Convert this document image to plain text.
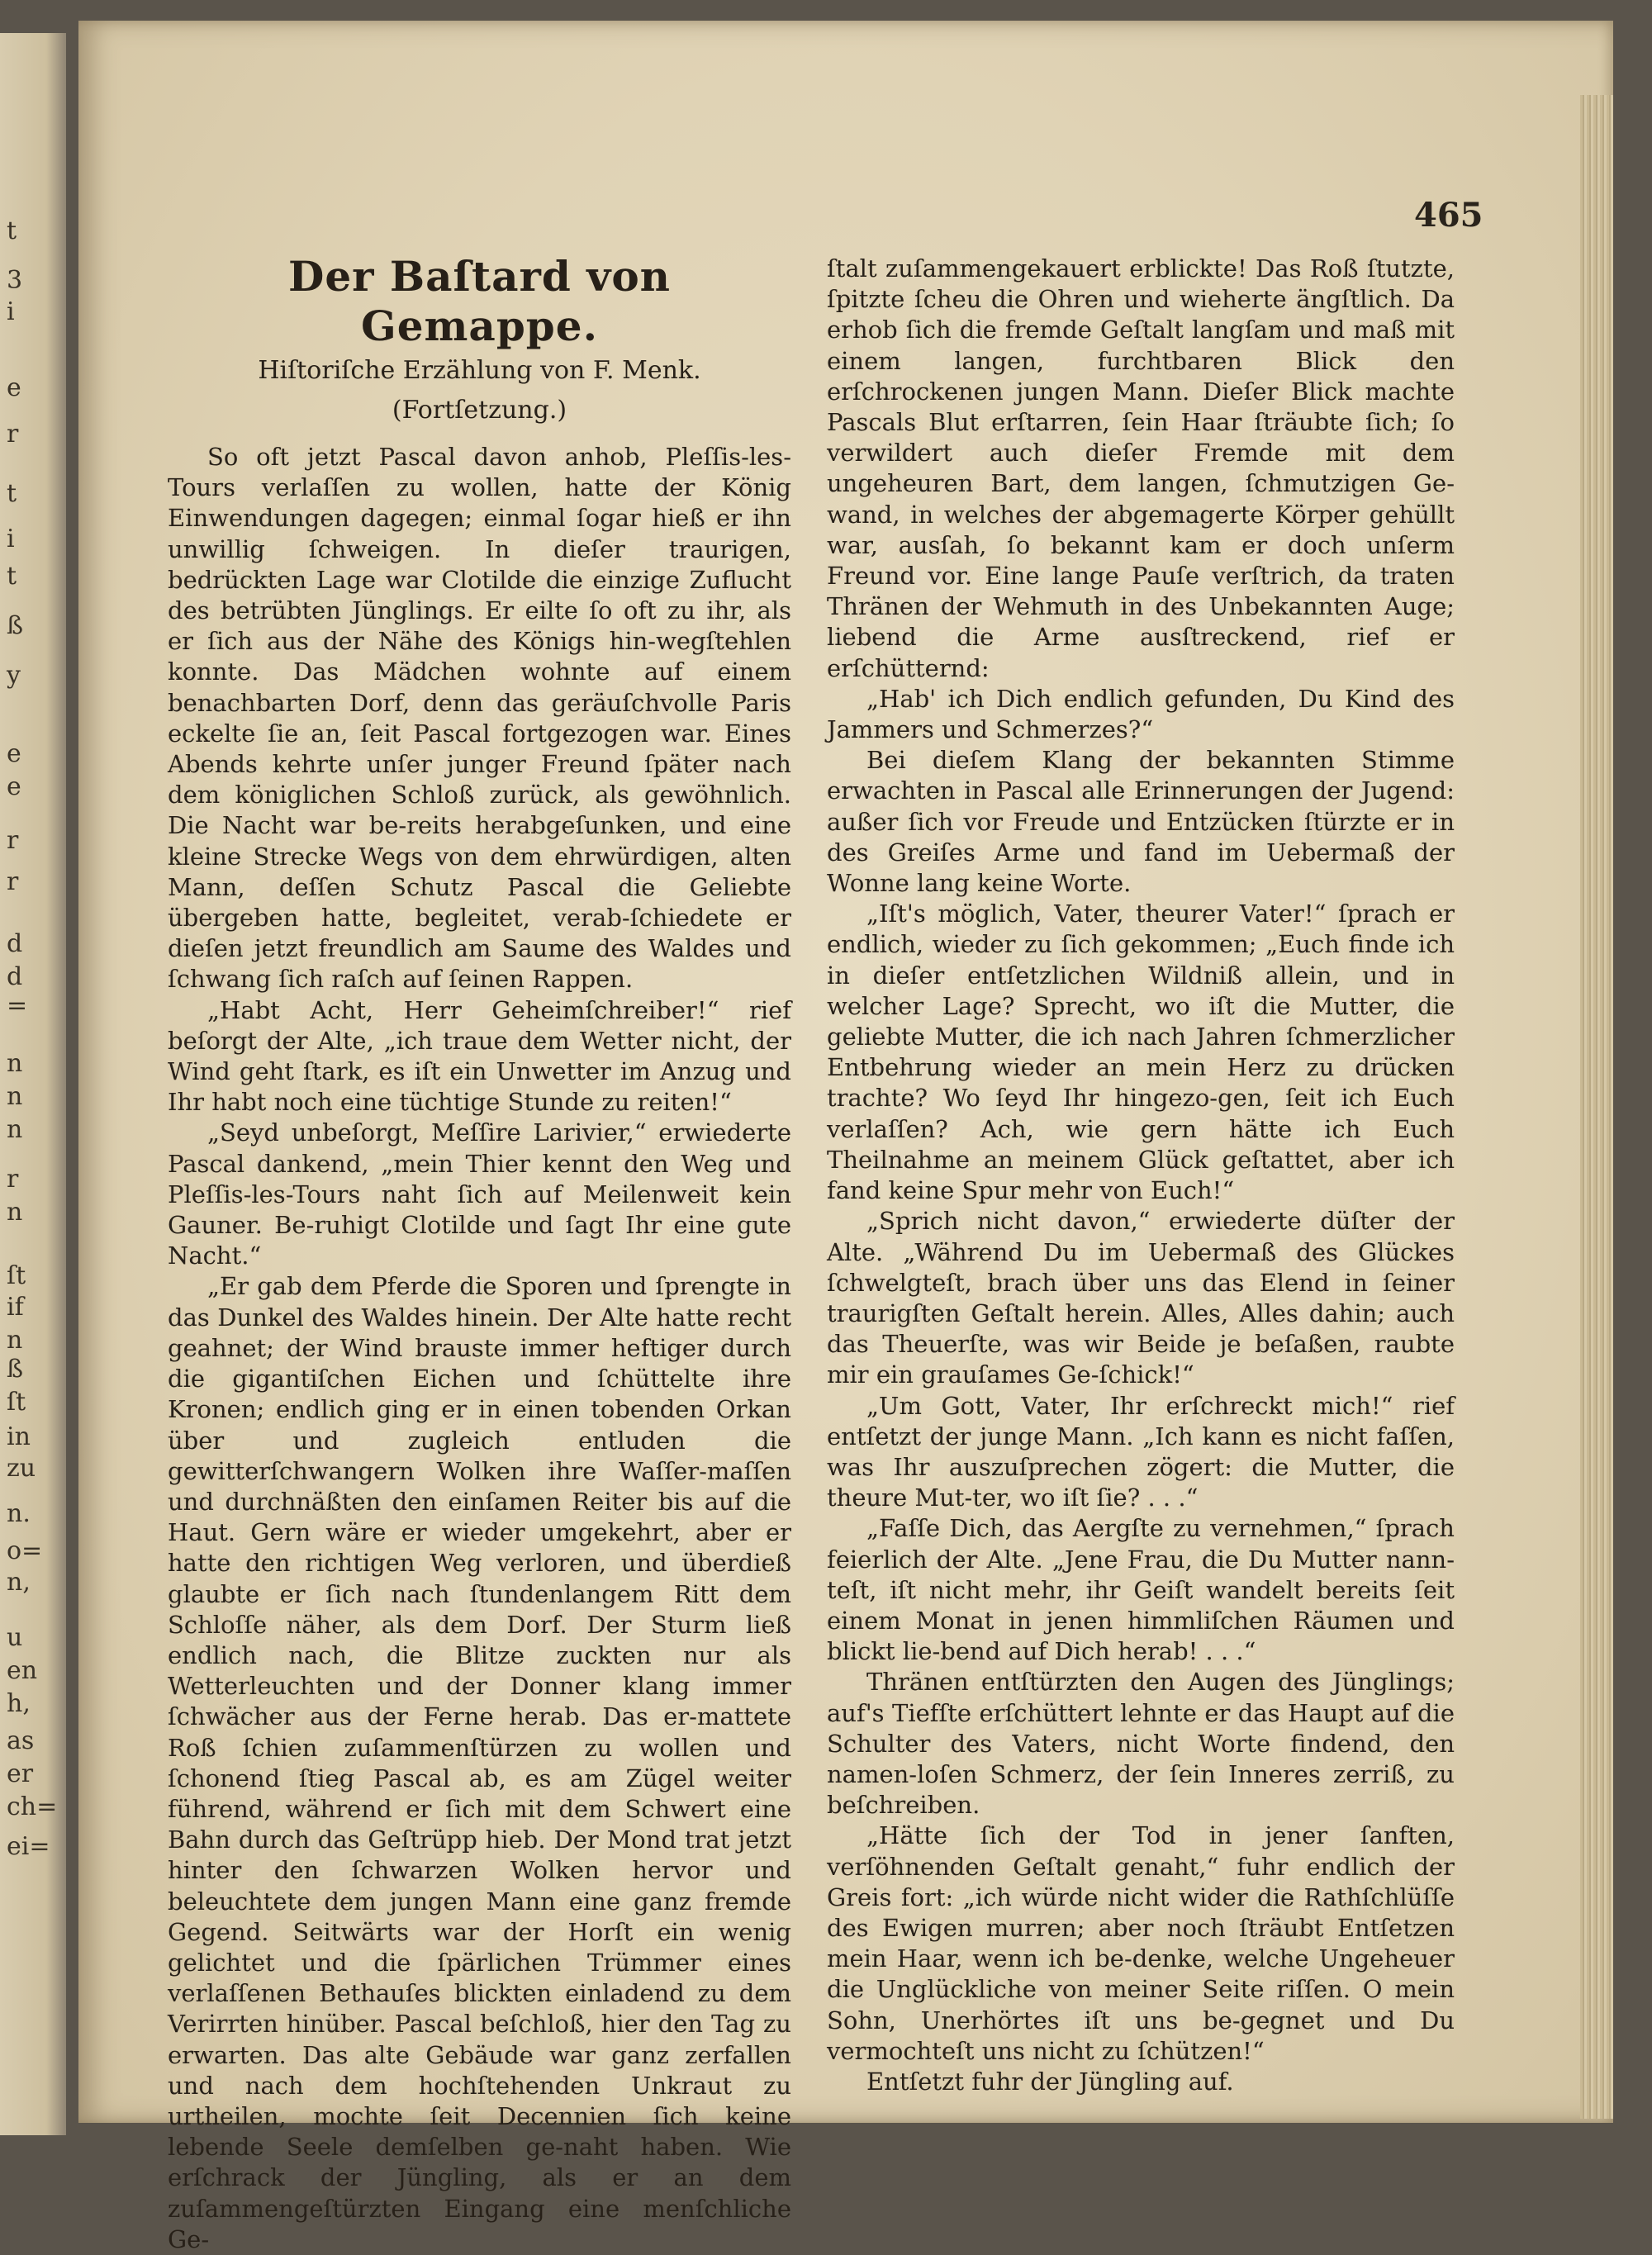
t
3
i
e
r
t
i
t
ß
y
e
e
r
r
d
d
=
n
n
n
r
n
ſt
if
n
ß
ſt
in
zu
n.
o=
n,
u
en
h,
as
er
ch=
ei=

465

Der Baſtard von Gemappe.

Hiſtoriſche Erzählung von F. Menk.

(Fortſetzung.)

So oft jetzt Pascal davon anhob, Pleſſis-les-Tours verlaſſen zu wollen, hatte der König Einwendungen dagegen; einmal ſogar hieß er ihn unwillig ſchweigen. In dieſer traurigen, bedrückten Lage war Clotilde die einzige Zuflucht des betrübten Jünglings. Er eilte ſo oft zu ihr, als er ſich aus der Nähe des Königs hin-wegſtehlen konnte. Das Mädchen wohnte auf einem benachbarten Dorf, denn das geräuſchvolle Paris eckelte ſie an, ſeit Pascal fortgezogen war. Eines Abends kehrte unſer junger Freund ſpäter nach dem königlichen Schloß zurück, als gewöhnlich. Die Nacht war be-reits herabgeſunken, und eine kleine Strecke Wegs von dem ehrwürdigen, alten Mann, deſſen Schutz Pascal die Geliebte übergeben hatte, begleitet, verab-ſchiedete er dieſen jetzt freundlich am Saume des Waldes und ſchwang ſich raſch auf ſeinen Rappen.

„Habt Acht, Herr Geheimſchreiber!“ rief beſorgt der Alte, „ich traue dem Wetter nicht, der Wind geht ſtark, es iſt ein Unwetter im Anzug und Ihr habt noch eine tüchtige Stunde zu reiten!“

„Seyd unbeſorgt, Meſſire Larivier,“ erwiederte Pascal dankend, „mein Thier kennt den Weg und Pleſſis-les-Tours naht ſich auf Meilenweit kein Gauner. Be-ruhigt Clotilde und ſagt Ihr eine gute Nacht.“

„Er gab dem Pferde die Sporen und ſprengte in das Dunkel des Waldes hinein. Der Alte hatte recht geahnet; der Wind brauste immer heftiger durch die gigantiſchen Eichen und ſchüttelte ihre Kronen; endlich ging er in einen tobenden Orkan über und zugleich entluden die gewitterſchwangern Wolken ihre Waſſer-maſſen und durchnäßten den einſamen Reiter bis auf die Haut. Gern wäre er wieder umgekehrt, aber er hatte den richtigen Weg verloren, und überdieß glaubte er ſich nach ſtundenlangem Ritt dem Schloſſe näher, als dem Dorf. Der Sturm ließ endlich nach, die Blitze zuckten nur als Wetterleuchten und der Donner klang immer ſchwächer aus der Ferne herab. Das er-mattete Roß ſchien zuſammenſtürzen zu wollen und ſchonend ſtieg Pascal ab, es am Zügel weiter führend, während er ſich mit dem Schwert eine Bahn durch das Geſtrüpp hieb. Der Mond trat jetzt hinter den ſchwarzen Wolken hervor und beleuchtete dem jungen Mann eine ganz fremde Gegend. Seitwärts war der Horſt ein wenig gelichtet und die ſpärlichen Trümmer eines verlaſſenen Bethauſes blickten einladend zu dem Verirrten hinüber. Pascal beſchloß, hier den Tag zu erwarten. Das alte Gebäude war ganz zerfallen und nach dem hochſtehenden Unkraut zu urtheilen, mochte ſeit Decennien ſich keine lebende Seele demſelben ge-naht haben. Wie erſchrack der Jüngling, als er an dem zuſammengeſtürzten Eingang eine menſchliche Ge-

ſtalt zuſammengekauert erblickte! Das Roß ſtutzte, ſpitzte ſcheu die Ohren und wieherte ängſtlich. Da erhob ſich die fremde Geſtalt langſam und maß mit einem langen, furchtbaren Blick den erſchrockenen jungen Mann. Dieſer Blick machte Pascals Blut erſtarren, ſein Haar ſträubte ſich; ſo verwildert auch dieſer Fremde mit dem ungeheuren Bart, dem langen, ſchmutzigen Ge-wand, in welches der abgemagerte Körper gehüllt war, ausſah, ſo bekannt kam er doch unſerm Freund vor. Eine lange Pauſe verſtrich, da traten Thränen der Wehmuth in des Unbekannten Auge; liebend die Arme ausſtreckend, rief er erſchütternd:

„Hab' ich Dich endlich gefunden, Du Kind des Jammers und Schmerzes?“

Bei dieſem Klang der bekannten Stimme erwachten in Pascal alle Erinnerungen der Jugend: außer ſich vor Freude und Entzücken ſtürzte er in des Greiſes Arme und fand im Uebermaß der Wonne lang keine Worte.

„Iſt's möglich, Vater, theurer Vater!“ ſprach er endlich, wieder zu ſich gekommen; „Euch finde ich in dieſer entſetzlichen Wildniß allein, und in welcher Lage? Sprecht, wo iſt die Mutter, die geliebte Mutter, die ich nach Jahren ſchmerzlicher Entbehrung wieder an mein Herz zu drücken trachte? Wo ſeyd Ihr hingezo-gen, ſeit ich Euch verlaſſen? Ach, wie gern hätte ich Euch Theilnahme an meinem Glück geſtattet, aber ich fand keine Spur mehr von Euch!“

„Sprich nicht davon,“ erwiederte düſter der Alte. „Während Du im Uebermaß des Glückes ſchwelgteſt, brach über uns das Elend in ſeiner traurigſten Geſtalt herein. Alles, Alles dahin; auch das Theuerſte, was wir Beide je beſaßen, raubte mir ein grauſames Ge-ſchick!“

„Um Gott, Vater, Ihr erſchreckt mich!“ rief entſetzt der junge Mann. „Ich kann es nicht faſſen, was Ihr auszuſprechen zögert: die Mutter, die theure Mut-ter, wo iſt ſie? . . .“

„Faſſe Dich, das Aergſte zu vernehmen,“ ſprach feierlich der Alte. „Jene Frau, die Du Mutter nann-teſt, iſt nicht mehr, ihr Geiſt wandelt bereits ſeit einem Monat in jenen himmliſchen Räumen und blickt lie-bend auf Dich herab! . . .“

Thränen entſtürzten den Augen des Jünglings; auf's Tiefſte erſchüttert lehnte er das Haupt auf die Schulter des Vaters, nicht Worte findend, den namen-loſen Schmerz, der ſein Inneres zerriß, zu beſchreiben.

„Hätte ſich der Tod in jener ſanften, verſöhnenden Geſtalt genaht,“ fuhr endlich der Greis fort: „ich würde nicht wider die Rathſchlüſſe des Ewigen murren; aber noch ſträubt Entſetzen mein Haar, wenn ich be-denke, welche Ungeheuer die Unglückliche von meiner Seite riſſen. O mein Sohn, Unerhörtes iſt uns be-gegnet und Du vermochteſt uns nicht zu ſchützen!“

Entſetzt fuhr der Jüngling auf.
